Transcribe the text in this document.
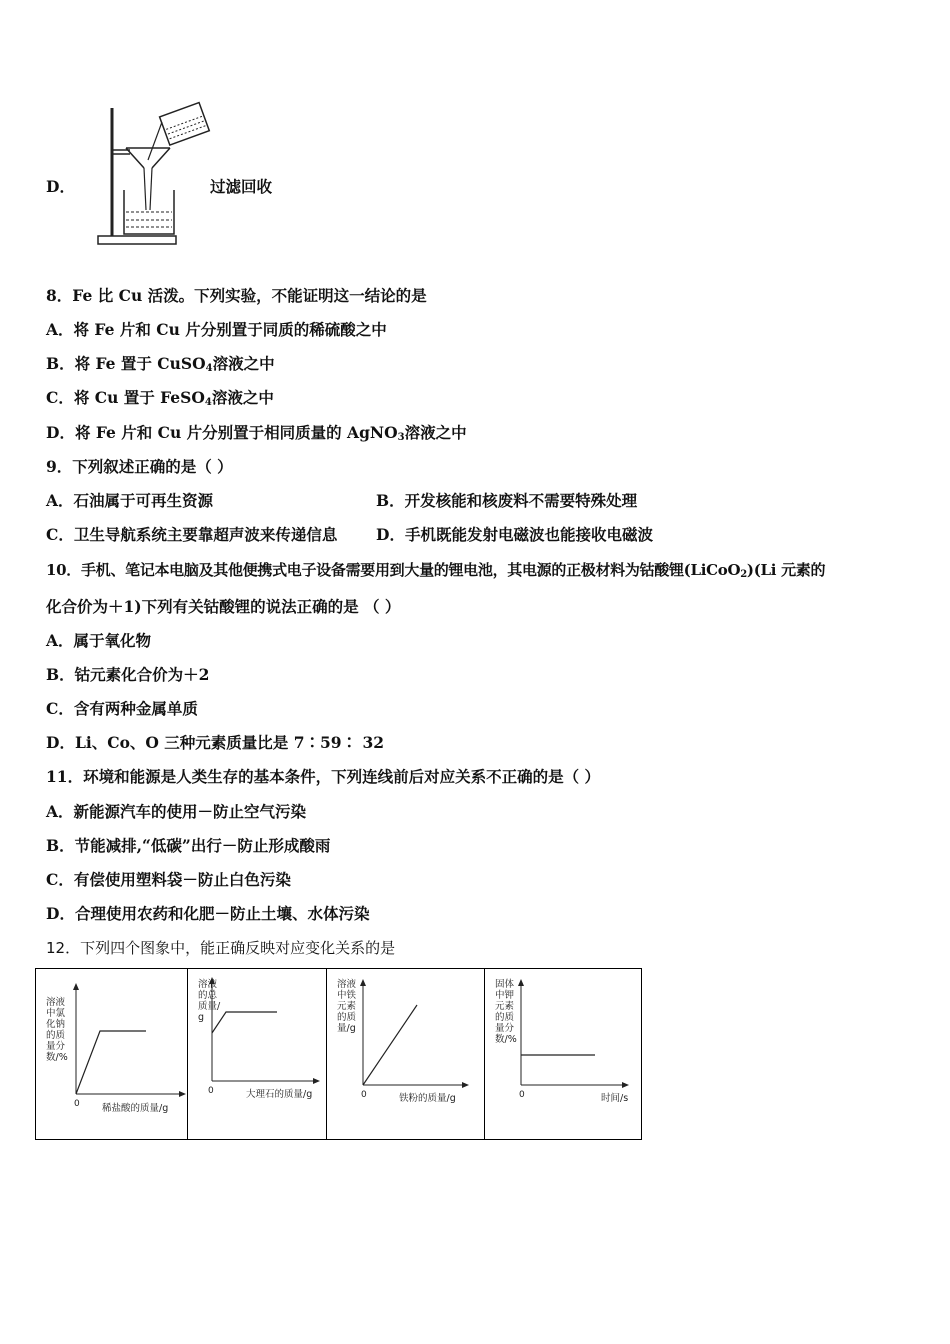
D．	过滤回收
8．Fe 比 Cu 活泼。下列实验，不能证明这一结论的是
A．将 Fe 片和 Cu 片分别置于同质的稀硫酸之中
B．将 Fe 置于 CuSO$_4$溶液之中
C．将 Cu 置于 FeSO$_4$溶液之中
D．将 Fe 片和 Cu 片分别置于相同质量的 AgNO$_3$溶液之中
9．下列叙述正确的是（ ）
A．石油属于可再生资源	B．开发核能和核废料不需要特殊处理
C．卫生导航系统主要靠超声波来传递信息 D．手机既能发射电磁波也能接收电磁波
10．手机、笔记本电脑及其他便携式电子设备需要用到大量的锂电池，其电源的正极材料为钴酸锂(LiCoO$_2$)(Li 元素的
化合价为＋1)下列有关钴酸锂的说法正确的是 （ ）
A．属于氧化物
B．钴元素化合价为＋2
C．含有两种金属单质
D．Li、Co、O 三种元素质量比是 7∶59∶ 32
11．环境和能源是人类生存的基本条件，下列连线前后对应关系不正确的是（ ）
A．新能源汽车的使用－防止空气污染
B．节能减排,“低碳”出行－防止形成酸雨
C．有偿使用塑料袋－防止白色污染
D．合理使用农药和化肥－防止土壤、水体污染
12．下列四个图象中，能正确反映对应变化关系的是
溶液中氯化钠的质量分数/%
0 稀盐酸的质量/g
溶液的总质量/g
0	大理石的质量/g
溶液中铁元素的质量/g
0	铁粉的质量/g
固体中钾元素的质量分数/%
0	时间/s
